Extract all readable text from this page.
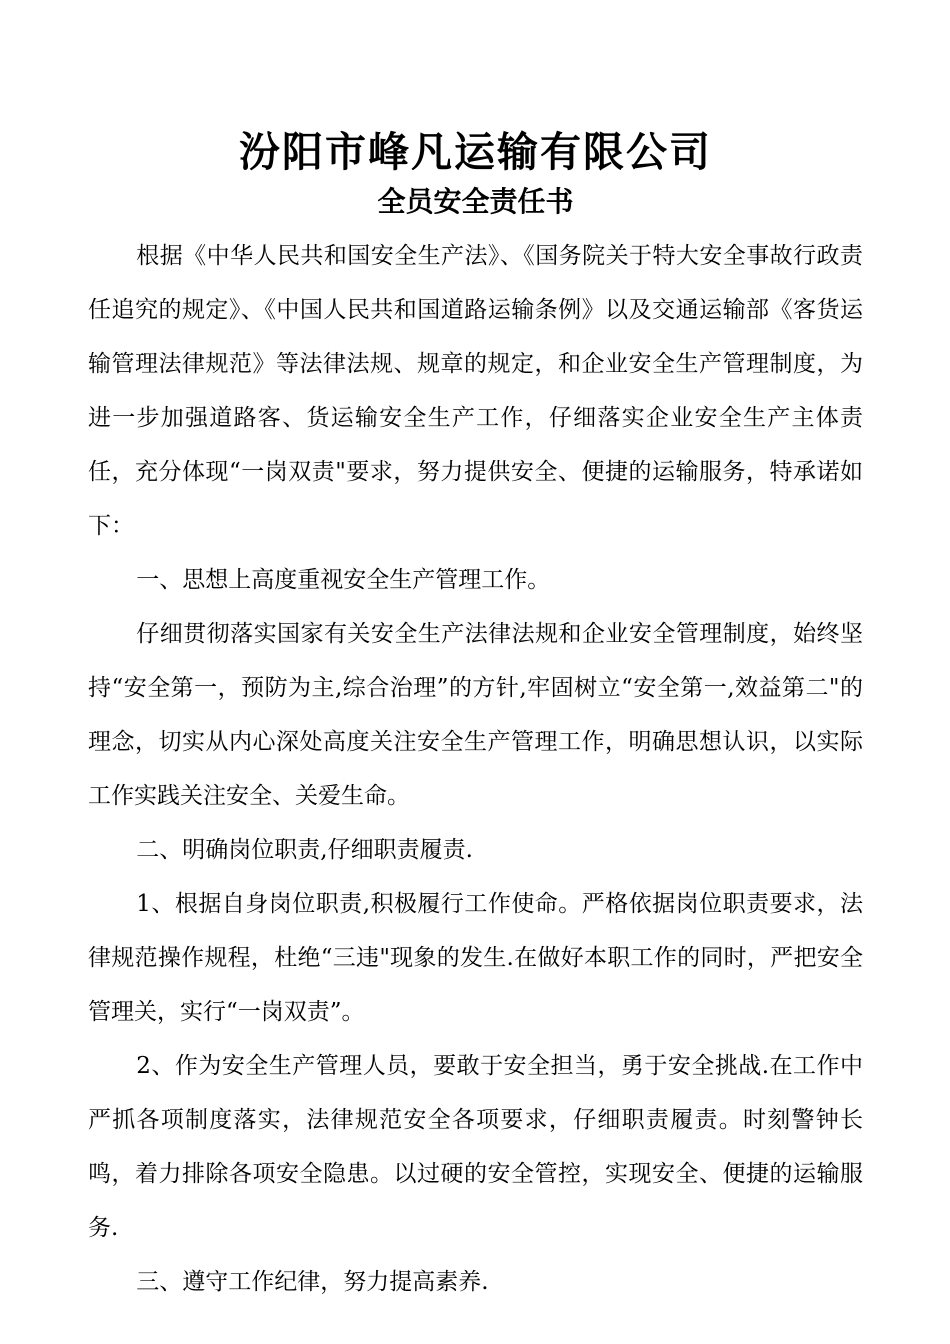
汾阳市峰凡运输有限公司
全员安全责任书

根据《中华人民共和国安全生产法》、《国务院关于特大安全事故行政责任追究的规定》、《中国人民共和国道路运输条例》以及交通运输部《客货运输管理法律规范》等法律法规、规章的规定，和企业安全生产管理制度，为进一步加强道路客、货运输安全生产工作，仔细落实企业安全生产主体责任，充分体现“一岗双责"要求，努力提供安全、便捷的运输服务，特承诺如下：

一、思想上高度重视安全生产管理工作。

仔细贯彻落实国家有关安全生产法律法规和企业安全管理制度，始终坚持“安全第一，预防为主,综合治理”的方针,牢固树立“安全第一,效益第二"的理念，切实从内心深处高度关注安全生产管理工作，明确思想认识，以实际工作实践关注安全、关爱生命。

二、明确岗位职责,仔细职责履责.

1、根据自身岗位职责,积极履行工作使命。严格依据岗位职责要求，法律规范操作规程，杜绝“三违"现象的发生.在做好本职工作的同时，严把安全管理关，实行“一岗双责”。

2、作为安全生产管理人员，要敢于安全担当，勇于安全挑战.在工作中严抓各项制度落实，法律规范安全各项要求，仔细职责履责。时刻警钟长鸣，着力排除各项安全隐患。以过硬的安全管控，实现安全、便捷的运输服务.

三、遵守工作纪律，努力提高素养.
